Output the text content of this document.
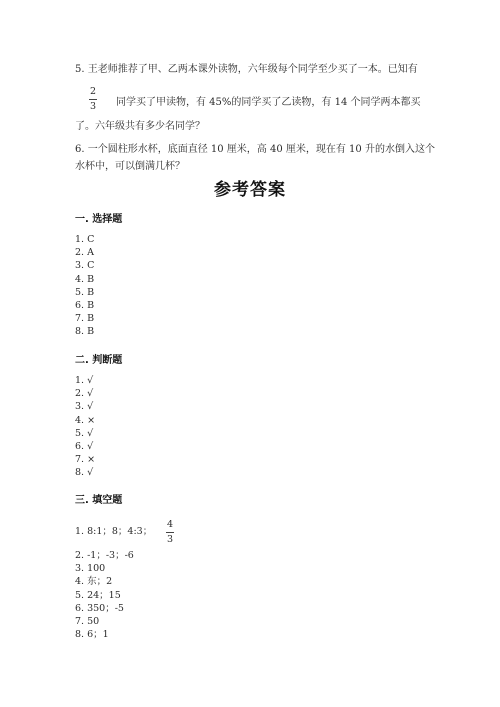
5. 王老师推荐了甲、乙两本课外读物，六年级每个同学至少买了一本。已知有
2
3 同学买了甲读物，有 45%的同学买了乙读物，有 14 个同学两本都买
了。六年级共有多少名同学？
6. 一个圆柱形水杯，底面直径 10 厘米，高 40 厘米，现在有 10 升的水倒入这个
水杯中，可以倒满几杯？
参考答案
一. 选择题
1. C
2. A
3. C
4. B
5. B
6. B
7. B
8. B
二. 判断题
1. √
2. √
3. √
4. ×
5. √
6. √
7. ×
8. √
三. 填空题
1. 8:1；8；4:3；
4
3
2. -1；-3；-6
3. 100
4. 东；2
5. 24；15
6. 350；-5
7. 50
8. 6；1
